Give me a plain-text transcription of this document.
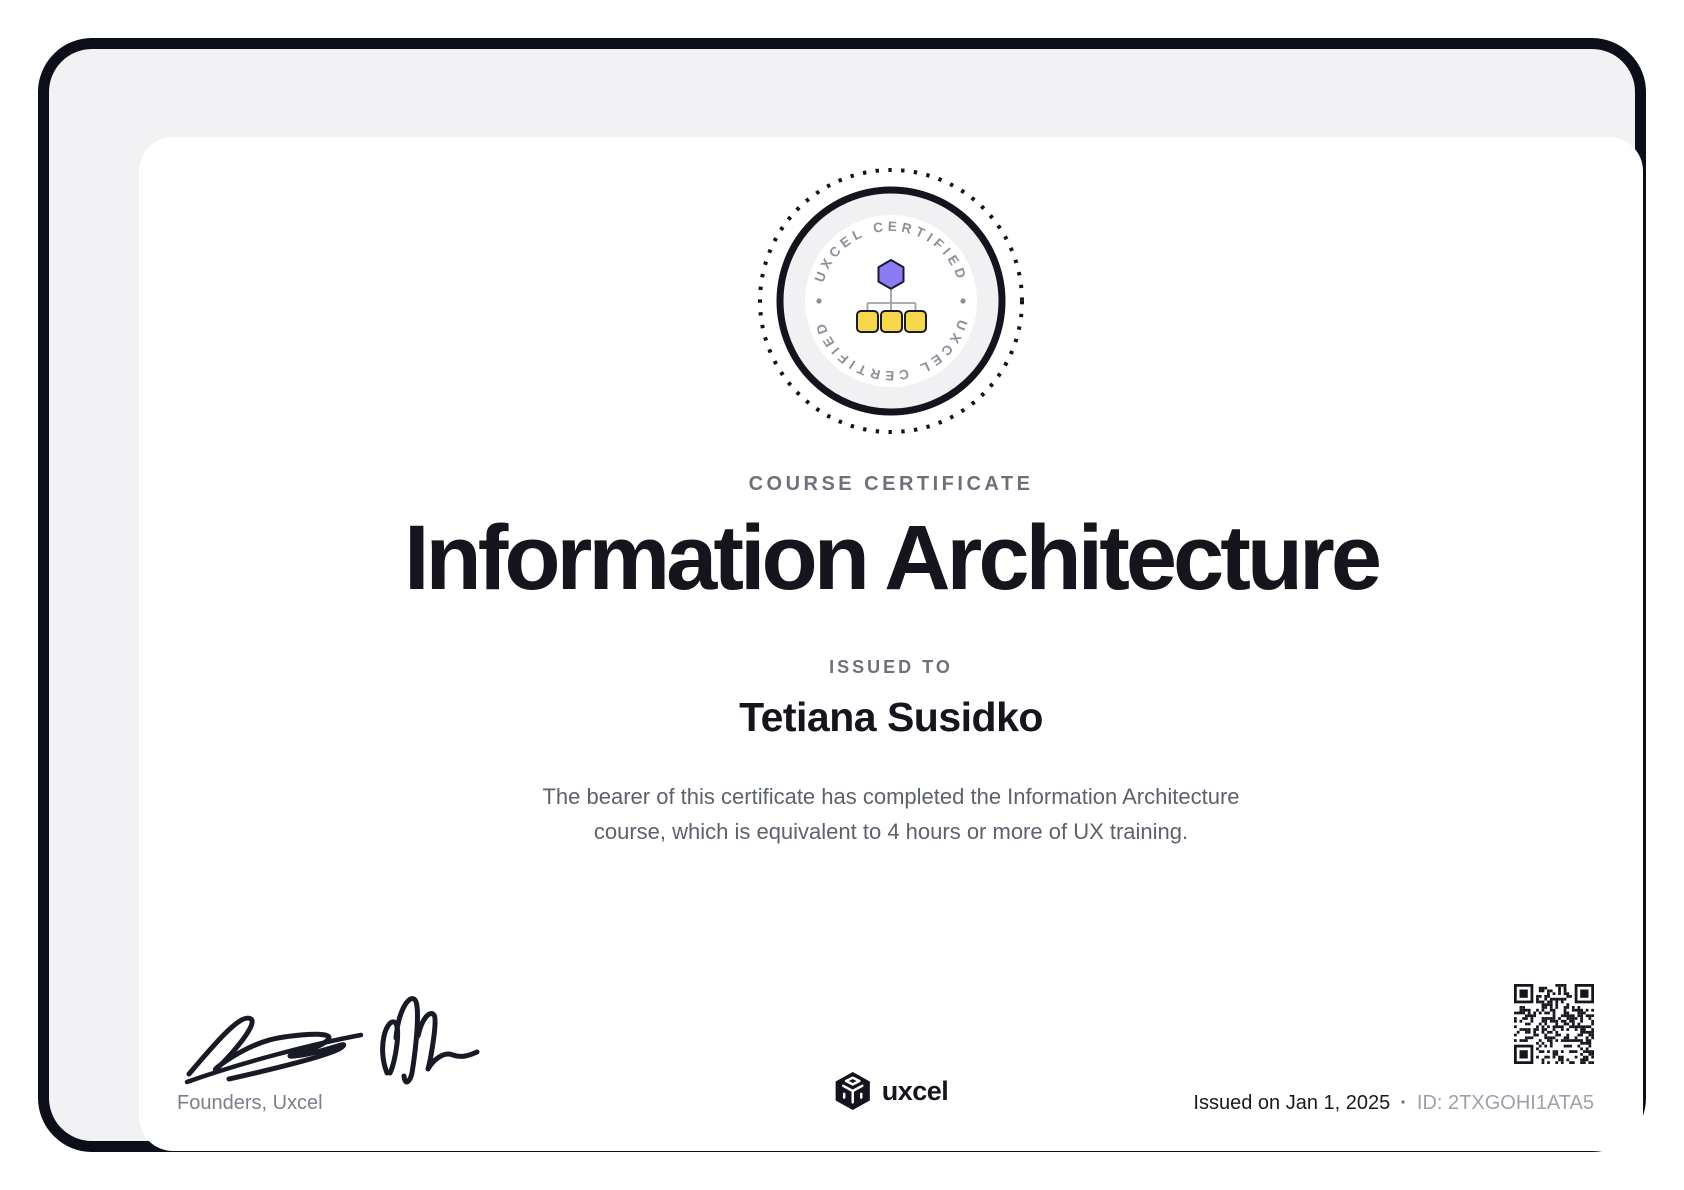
UXCEL CERTIFIED
UXCEL CERTIFIED
COURSE CERTIFICATE
Information Architecture
ISSUED TO
Tetiana Susidko
The bearer of this certificate has completed the Information Architecture
course, which is equivalent to 4 hours or more of UX training.
Founders, Uxcel	uxcel	Issued on Jan 1, 2025 · ID: 2TXGOHI1ATA5
